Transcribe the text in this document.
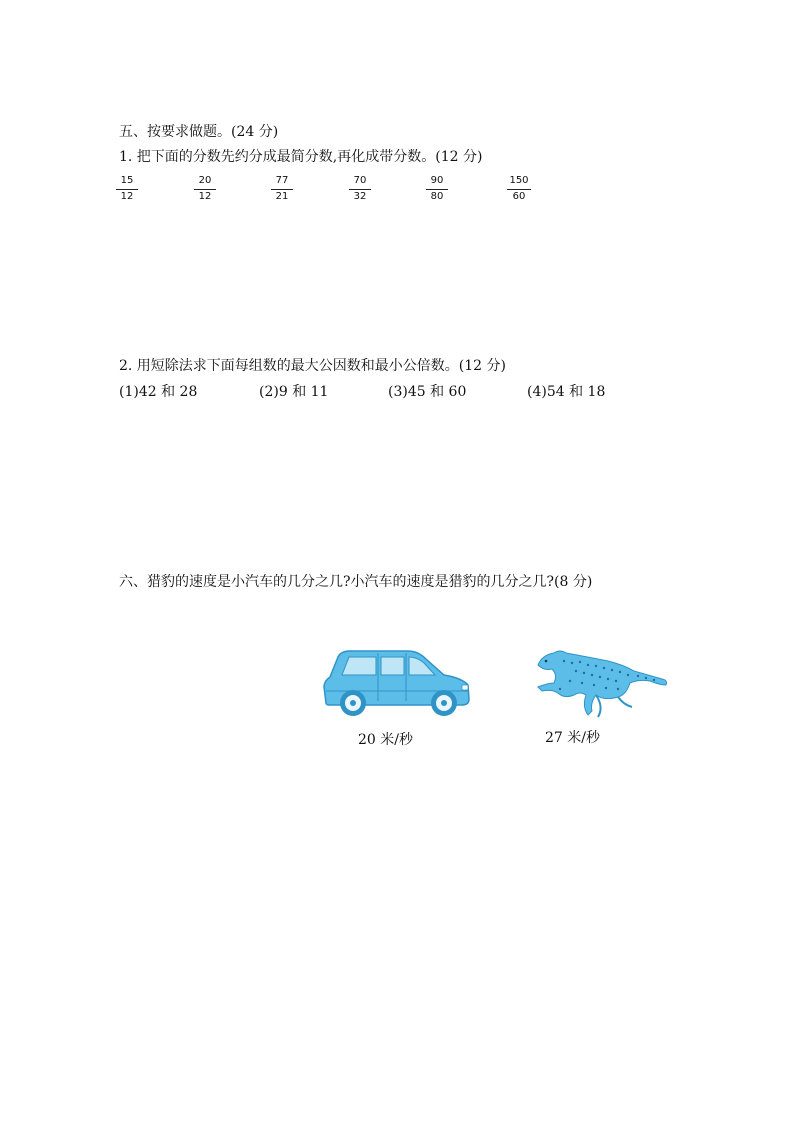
五、按要求做题。(24 分)
1. 把下面的分数先约分成最简分数,再化成带分数。(12 分)
15
12
20
12
77
21
70
32
90
80
150
60
2. 用短除法求下面每组数的最大公因数和最小公倍数。(12 分)
(1)42 和 28	(2)9 和 11	(3)45 和 60	(4)54 和 18
六、猎豹的速度是小汽车的几分之几?小汽车的速度是猎豹的几分之几?(8 分)
20 米/秒	27 米/秒
